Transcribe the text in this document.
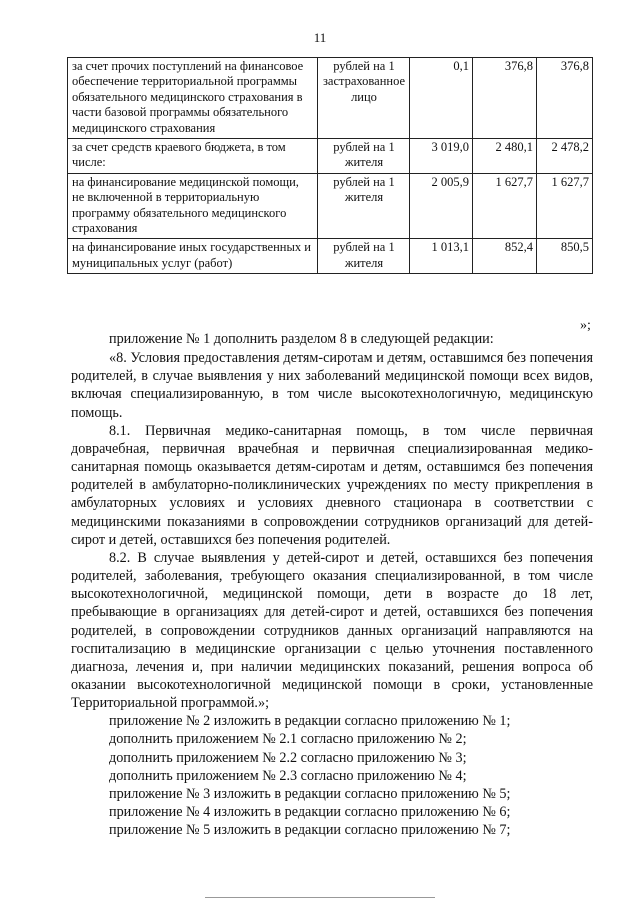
11
за счет прочих поступлений на финансовое обеспечение территориальной программы обязательного медицинского страхования в части базовой программы обязательного медицинского страхования	рублей на 1 застрахованное лицо	0,1	376,8	376,8
за счет средств краевого бюджета, в том числе:	рублей на 1 жителя	3 019,0	2 480,1	2 478,2
на финансирование медицинской помощи, не включенной в территориальную программу обязательного медицинского страхования	рублей на 1 жителя	2 005,9	1 627,7	1 627,7
на финансирование иных государственных и муниципальных услуг (работ)	рублей на 1 жителя	1 013,1	852,4	850,5
»;

приложение № 1 дополнить разделом 8 в следующей редакции:

«8. Условия предоставления детям-сиротам и детям, оставшимся без попечения родителей, в случае выявления у них заболеваний медицинской помощи всех видов, включая специализированную, в том числе высокотехнологичную, медицинскую помощь.

8.1. Первичная медико-санитарная помощь, в том числе первичная доврачебная, первичная врачебная и первичная специализированная медико-санитарная помощь оказывается детям-сиротам и детям, оставшимся без попечения родителей в амбулаторно-поликлинических учреждениях по месту прикрепления в амбулаторных условиях и условиях дневного стационара в соответствии с медицинскими показаниями в сопровождении сотрудников организаций для детей-сирот и детей, оставшихся без попечения родителей.

8.2. В случае выявления у детей-сирот и детей, оставшихся без попечения родителей, заболевания, требующего оказания специализированной, в том числе высокотехнологичной, медицинской помощи, дети в возрасте до 18 лет, пребывающие в организациях для детей-сирот и детей, оставшихся без попечения родителей, в сопровождении сотрудников данных организаций направляются на госпитализацию в медицинские организации с целью уточнения поставленного диагноза, лечения и, при наличии медицинских показаний, решения вопроса об оказании высокотехнологичной медицинской помощи в сроки, установленные Территориальной программой.»;

приложение № 2 изложить в редакции согласно приложению № 1;

дополнить приложением № 2.1 согласно приложению № 2;

дополнить приложением № 2.2 согласно приложению № 3;

дополнить приложением № 2.3 согласно приложению № 4;

приложение № 3 изложить в редакции согласно приложению № 5;

приложение № 4 изложить в редакции согласно приложению № 6;

приложение № 5 изложить в редакции согласно приложению № 7;
